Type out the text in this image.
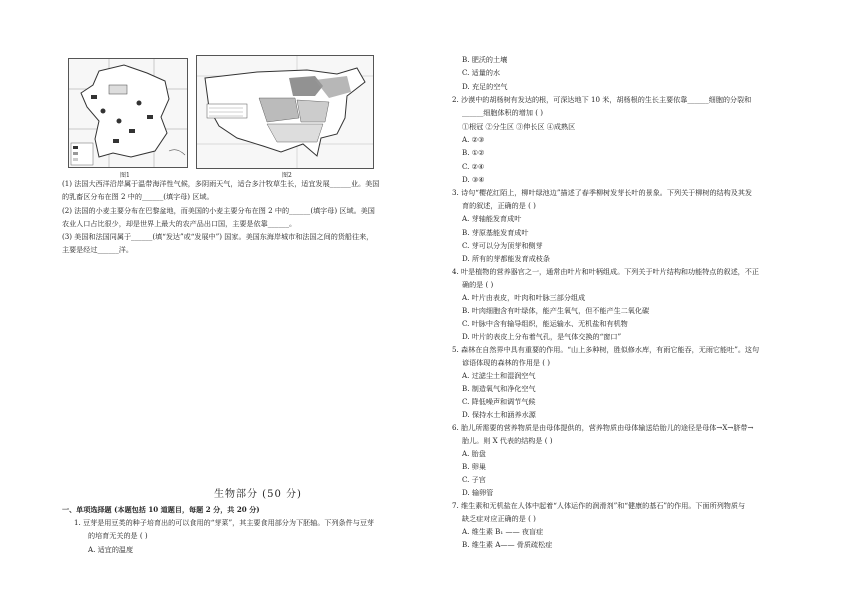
图1	图2
(1) 法国大西洋沿岸属于温带海洋性气候，多阴雨天气，适合多汁牧草生长，适宜发展______业。美国
的乳畜区分布在图 2 中的______(填字母) 区域。
(2) 法国的小麦主要分布在巴黎盆地，而美国的小麦主要分布在图 2 中的______(填字母) 区域。美国
农业人口占比很少，却是世界上最大的农产品出口国，主要是依靠______。
(3) 美国和法国同属于______(填“发达”或“发展中”) 国家。美国东海岸城市和法国之间的货船往来，
主要是经过______洋。
生物部分 (50 分)
一、单项选择题 (本题包括 10 道题目，每题 2 分，共 20 分)
1. 豆芽是用豆类的种子培育出的可以食用的“芽菜”，其主要食用部分为下胚轴。下列条件与豆芽
的培育无关的是 ( )
A. 适宜的温度
B. 肥沃的土壤
C. 适量的水
D. 充足的空气
2. 沙漠中的胡杨树有发达的根，可深达地下 10 米，胡杨根的生长主要依靠______细胞的分裂和
______细胞体积的增加 ( )
①根冠 ②分生区 ③伸长区 ④成熟区
A. ②③
B. ①②
C. ②④
D. ③④
3. 诗句“樱花红陌上，柳叶绿池边”描述了春季柳树发芽长叶的景象。下列关于柳树的结构及其发
育的叙述，正确的是 ( )
A. 芽轴能发育成叶
B. 芽原基能发育成叶
C. 芽可以分为顶芽和侧芽
D. 所有的芽都能发育成枝条
4. 叶是植物的营养器官之一，通常由叶片和叶柄组成。下列关于叶片结构和功能特点的叙述，不正
确的是 ( )
A. 叶片由表皮，叶肉和叶脉三部分组成
B. 叶肉细胞含有叶绿体，能产生氧气，但不能产生二氧化碳
C. 叶脉中含有输导组织，能运输水、无机盐和有机物
D. 叶片的表皮上分布着气孔，是气体交换的“窗口”
5. 森林在自然界中具有重要的作用。“山上多种树，胜似修水库，有雨它能吞，无雨它能吐”。这句
谚语体现的森林的作用是 ( )
A. 过滤尘土和湿润空气
B. 制造氧气和净化空气
C. 降低噪声和调节气候
D. 保持水土和涵养水源
6. 胎儿所需要的营养物质是由母体提供的，营养物质由母体输送给胎儿的途径是母体→X→脐带→
胎儿。则 X 代表的结构是 ( )
A. 胎盘
B. 卵巢
C. 子宫
D. 输卵管
7. 维生素和无机盐在人体中起着“人体运作的润滑剂”和“健康的基石”的作用。下面所列物质与
缺乏症对应正确的是 ( )
A. 维生素 B₁ —— 夜盲症
B. 维生素 A—— 骨质疏松症
